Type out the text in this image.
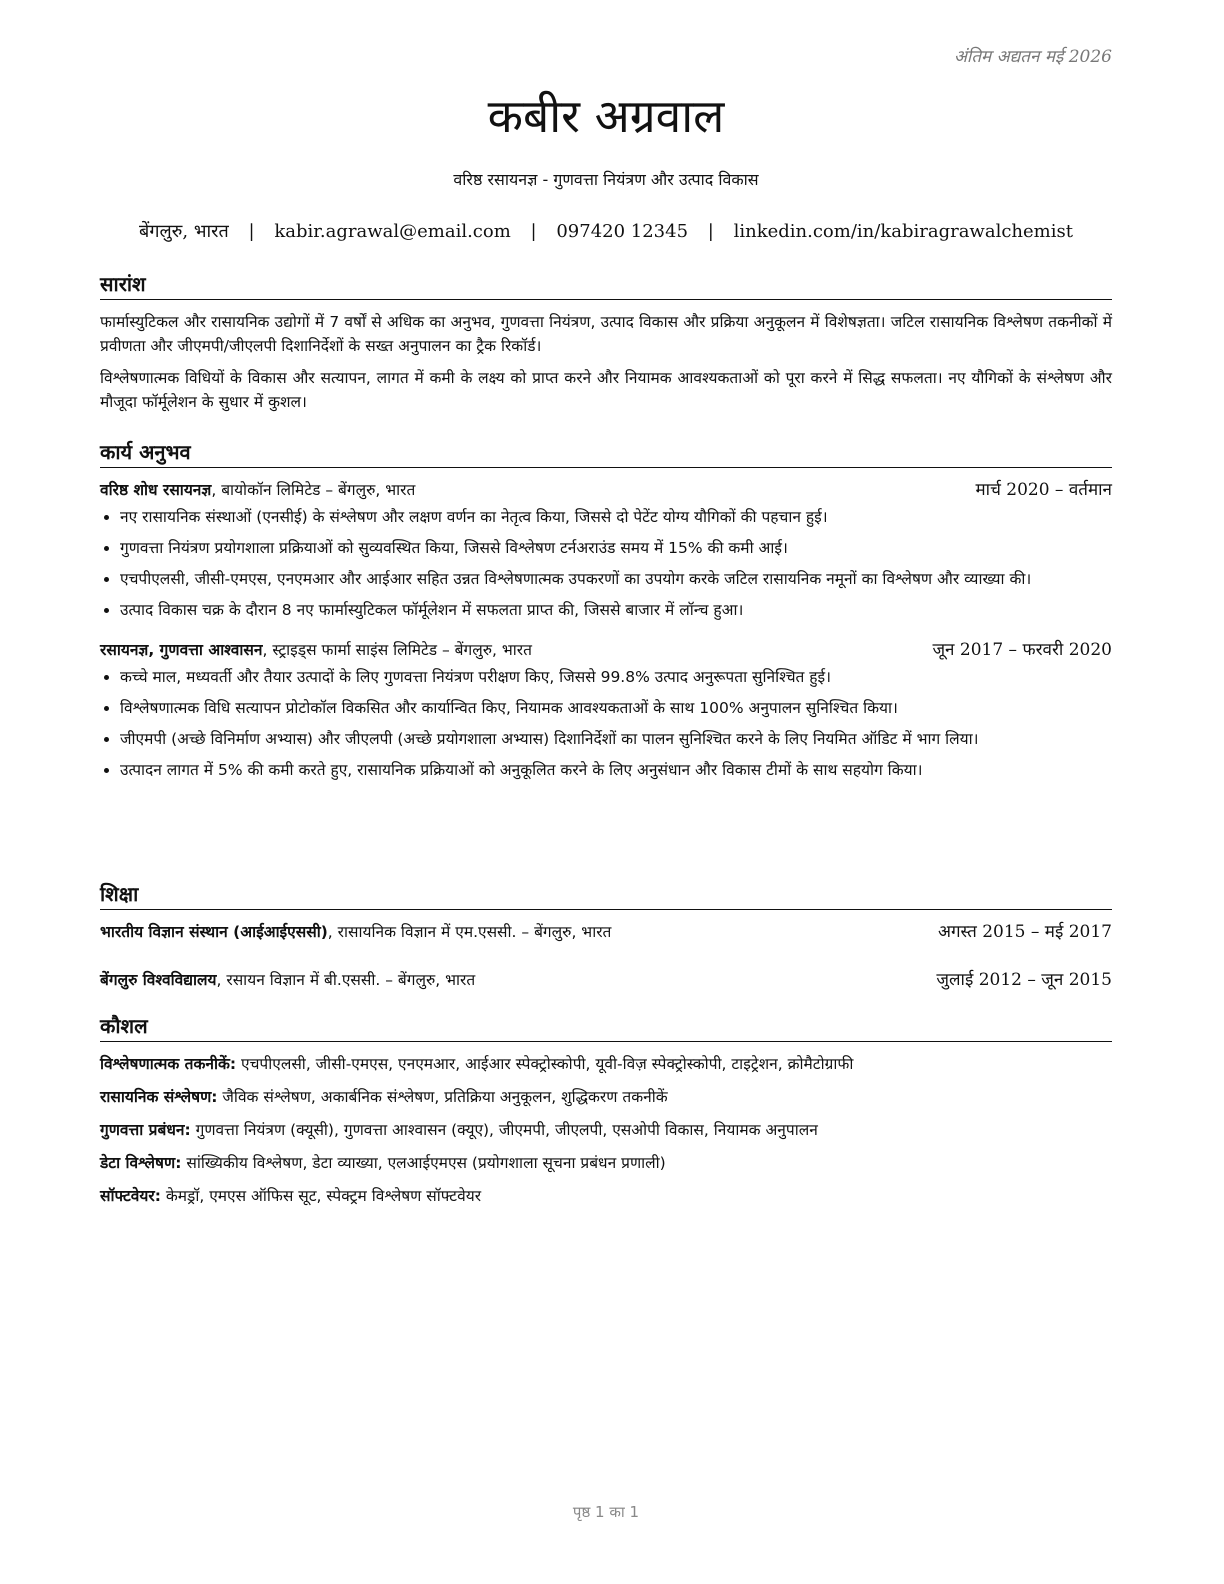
अंतिम अद्यतन मई 2026
कबीर अग्रवाल
वरिष्ठ रसायनज्ञ - गुणवत्ता नियंत्रण और उत्पाद विकास
बेंगलुरु, भारत | kabir.agrawal@email.com | 097420 12345 | linkedin.com/in/kabiragrawalchemist
सारांश

फार्मास्युटिकल और रासायनिक उद्योगों में 7 वर्षों से अधिक का अनुभव, गुणवत्ता नियंत्रण, उत्पाद विकास और प्रक्रिया अनुकूलन में विशेषज्ञता। जटिल रासायनिक विश्लेषण तकनीकों में प्रवीणता और जीएमपी/जीएलपी दिशानिर्देशों के सख्त अनुपालन का ट्रैक रिकॉर्ड।

विश्लेषणात्मक विधियों के विकास और सत्यापन, लागत में कमी के लक्ष्य को प्राप्त करने और नियामक आवश्यकताओं को पूरा करने में सिद्ध सफलता। नए यौगिकों के संश्लेषण और मौजूदा फॉर्मूलेशन के सुधार में कुशल।

कार्य अनुभव
वरिष्ठ शोध रसायनज्ञ, बायोकॉन लिमिटेड – बेंगलुरु, भारत	मार्च 2020 – वर्तमान
• नए रासायनिक संस्थाओं (एनसीई) के संश्लेषण और लक्षण वर्णन का नेतृत्व किया, जिससे दो पेटेंट योग्य यौगिकों की पहचान हुई।
• गुणवत्ता नियंत्रण प्रयोगशाला प्रक्रियाओं को सुव्यवस्थित किया, जिससे विश्लेषण टर्नअराउंड समय में 15% की कमी आई।
• एचपीएलसी, जीसी-एमएस, एनएमआर और आईआर सहित उन्नत विश्लेषणात्मक उपकरणों का उपयोग करके जटिल रासायनिक नमूनों का विश्लेषण और व्याख्या की।
• उत्पाद विकास चक्र के दौरान 8 नए फार्मास्युटिकल फॉर्मूलेशन में सफलता प्राप्त की, जिससे बाजार में लॉन्च हुआ।
रसायनज्ञ, गुणवत्ता आश्वासन, स्ट्राइड्स फार्मा साइंस लिमिटेड – बेंगलुरु, भारत	जून 2017 – फरवरी 2020
• कच्चे माल, मध्यवर्ती और तैयार उत्पादों के लिए गुणवत्ता नियंत्रण परीक्षण किए, जिससे 99.8% उत्पाद अनुरूपता सुनिश्चित हुई।
• विश्लेषणात्मक विधि सत्यापन प्रोटोकॉल विकसित और कार्यान्वित किए, नियामक आवश्यकताओं के साथ 100% अनुपालन सुनिश्चित किया।
• जीएमपी (अच्छे विनिर्माण अभ्यास) और जीएलपी (अच्छे प्रयोगशाला अभ्यास) दिशानिर्देशों का पालन सुनिश्चित करने के लिए नियमित ऑडिट में भाग लिया।
• उत्पादन लागत में 5% की कमी करते हुए, रासायनिक प्रक्रियाओं को अनुकूलित करने के लिए अनुसंधान और विकास टीमों के साथ सहयोग किया।
शिक्षा
भारतीय विज्ञान संस्थान (आईआईएससी), रासायनिक विज्ञान में एम.एससी. – बेंगलुरु, भारत	अगस्त 2015 – मई 2017
बेंगलुरु विश्वविद्यालय, रसायन विज्ञान में बी.एससी. – बेंगलुरु, भारत	जुलाई 2012 – जून 2015
कौशल
विश्लेषणात्मक तकनीकें: एचपीएलसी, जीसी-एमएस, एनएमआर, आईआर स्पेक्ट्रोस्कोपी, यूवी-विज़ स्पेक्ट्रोस्कोपी, टाइट्रेशन, क्रोमैटोग्राफी
रासायनिक संश्लेषण: जैविक संश्लेषण, अकार्बनिक संश्लेषण, प्रतिक्रिया अनुकूलन, शुद्धिकरण तकनीकें
गुणवत्ता प्रबंधन: गुणवत्ता नियंत्रण (क्यूसी), गुणवत्ता आश्वासन (क्यूए), जीएमपी, जीएलपी, एसओपी विकास, नियामक अनुपालन
डेटा विश्लेषण: सांख्यिकीय विश्लेषण, डेटा व्याख्या, एलआईएमएस (प्रयोगशाला सूचना प्रबंधन प्रणाली)
सॉफ्टवेयर: केमड्रॉ, एमएस ऑफिस सूट, स्पेक्ट्रम विश्लेषण सॉफ्टवेयर
पृष्ठ 1 का 1
